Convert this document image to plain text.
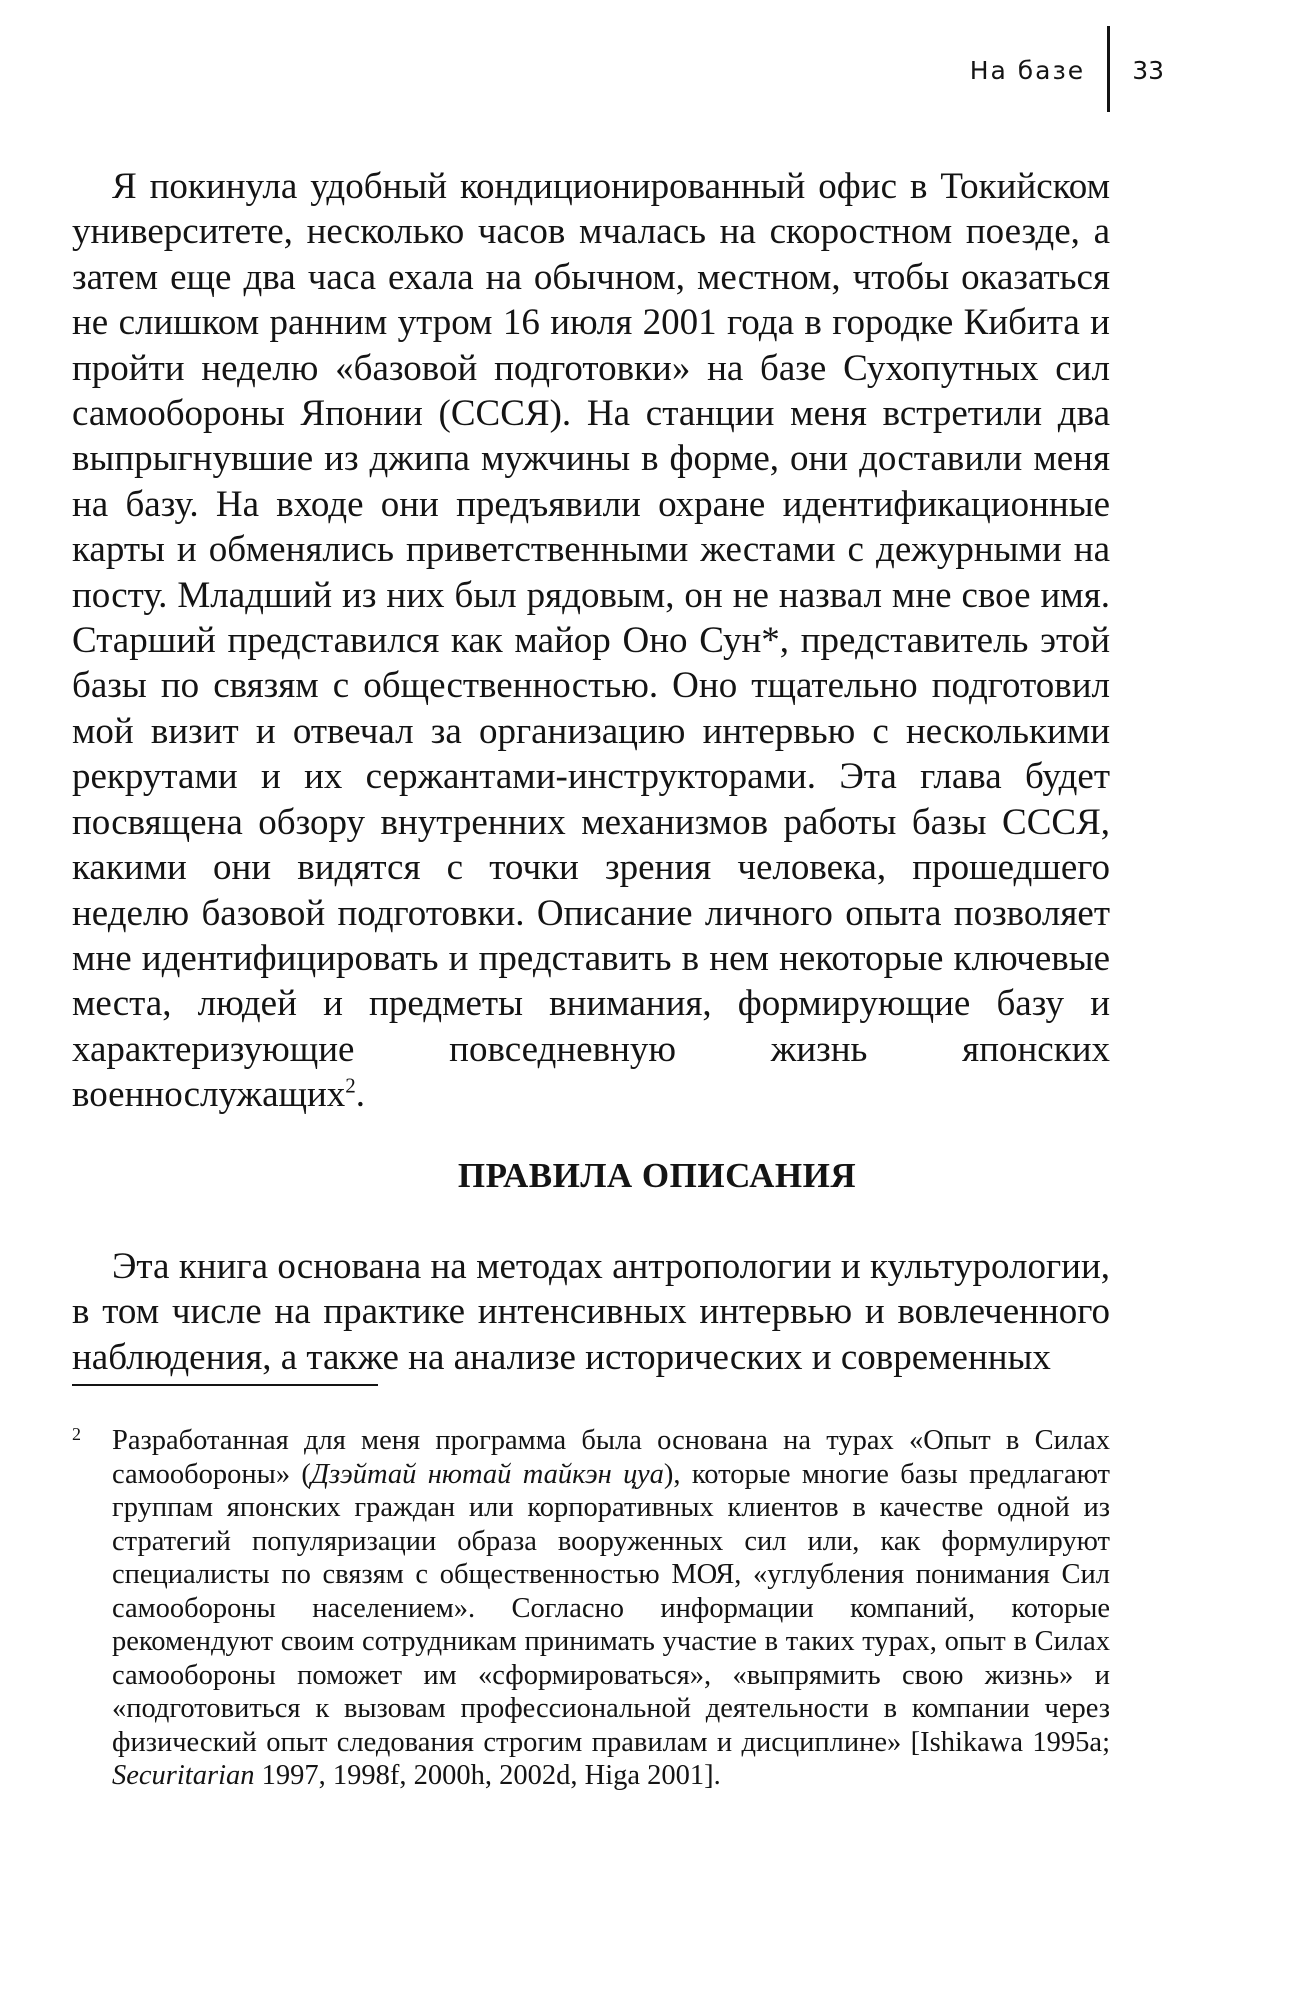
На базе	33

Я покинула удобный кондиционированный офис в Токийском университете, несколько часов мчалась на скоростном поезде, а затем еще два часа ехала на обычном, местном, чтобы оказаться не слишком ранним утром 16 июля 2001 года в городке Кибита и пройти неделю «базовой подготовки» на базе Сухопутных сил самообороны Японии (СССЯ). На станции меня встретили два выпрыгнувшие из джипа мужчины в форме, они доставили меня на базу. На входе они предъявили охране идентификационные карты и обменялись приветственными жестами с дежурными на посту. Младший из них был рядовым, он не назвал мне свое имя. Старший представился как майор Оно Сун*, представитель этой базы по связям с общественностью. Оно тщательно подготовил мой визит и отвечал за организацию интервью с несколькими рекрутами и их сержантами-инструкторами. Эта глава будет посвящена обзору внутренних механизмов работы базы СССЯ, какими они видятся с точки зрения человека, прошедшего неделю базовой подготовки. Описание личного опыта позволяет мне идентифицировать и представить в нем некоторые ключевые места, людей и предметы внимания, формирующие базу и характеризующие повседневную жизнь японских военнослужащих$^2$.

ПРАВИЛА ОПИСАНИЯ

Эта книга основана на методах антропологии и культурологии, в том числе на практике интенсивных интервью и вовлеченного наблюдения, а также на анализе исторических и современных

2 Разработанная для меня программа была основана на турах «Опыт в Силах самообороны» (Дзэйтай нютай тайкэн цуа), которые многие базы предлагают группам японских граждан или корпоративных клиентов в качестве одной из стратегий популяризации образа вооруженных сил или, как формулируют специалисты по связям с общественностью МОЯ, «углубления понимания Сил самообороны населением». Согласно информации компаний, которые рекомендуют своим сотрудникам принимать участие в таких турах, опыт в Силах самообороны поможет им «сформироваться», «выпрямить свою жизнь» и «подготовиться к вызовам профессиональной деятельности в компании через физический опыт следования строгим правилам и дисциплине» [Ishikawa 1995a; Securitarian 1997, 1998f, 2000h, 2002d, Higa 2001].
